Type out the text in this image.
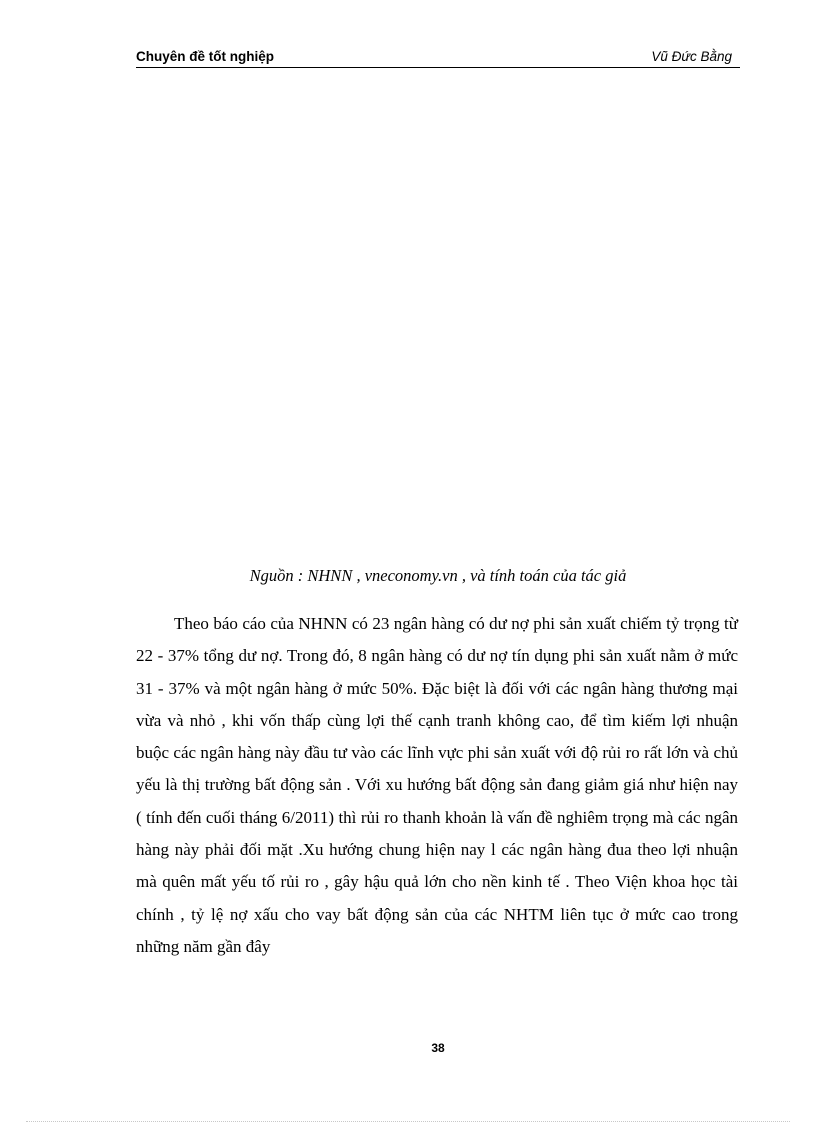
Chuyên đề tốt nghiệp	Vũ Đức Bằng
Nguồn : NHNN , vneconomy.vn , và tính toán của tác giả

Theo báo cáo của NHNN có 23 ngân hàng có dư nợ phi sản xuất chiếm tỷ trọng từ 22 - 37% tổng dư nợ. Trong đó, 8 ngân hàng có dư nợ tín dụng phi sản xuất nằm ở mức 31 - 37% và một ngân hàng ở mức 50%. Đặc biệt là đối với các ngân hàng thương mại vừa và nhỏ , khi vốn thấp cùng lợi thế cạnh tranh không cao, để tìm kiếm lợi nhuận buộc các ngân hàng này đầu tư vào các lĩnh vực phi sản xuất với độ rủi ro rất lớn và chủ yếu là thị trường bất động sản . Với xu hướng bất động sản đang giảm giá như hiện nay ( tính đến cuối tháng 6/2011) thì rủi ro thanh khoản là vấn đề nghiêm trọng mà các ngân hàng này phải đối mặt .Xu hướng chung hiện nay l các ngân hàng đua theo lợi nhuận mà quên mất yếu tố rủi ro , gây hậu quả lớn cho nền kinh tế . Theo Viện khoa học tài chính , tỷ lệ nợ xấu cho vay bất động sản của các NHTM liên tục ở mức cao trong những năm gần đây

38
